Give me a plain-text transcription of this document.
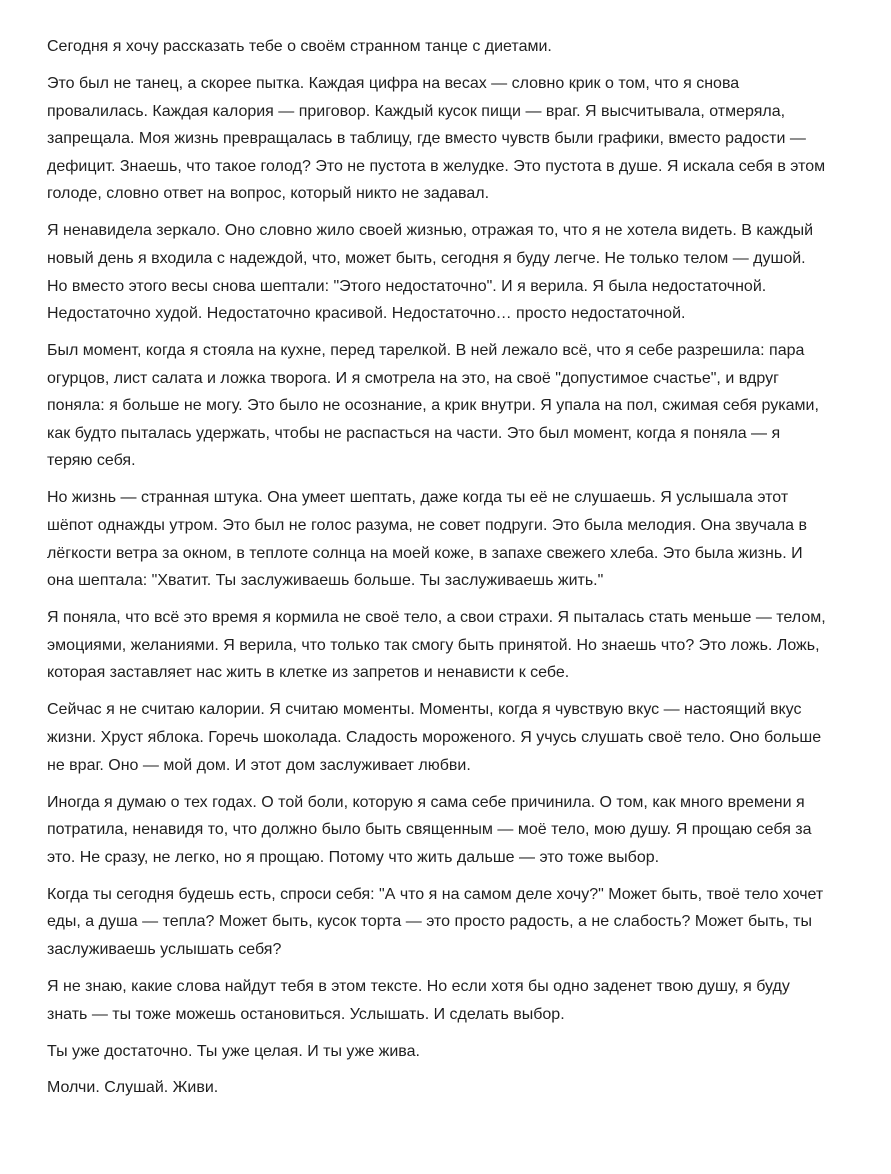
Сегодня я хочу рассказать тебе о своём странном танце с диетами.

Это был не танец, а скорее пытка. Каждая цифра на весах — словно крик о том, что я снова провалилась. Каждая калория — приговор. Каждый кусок пищи — враг. Я высчитывала, отмеряла, запрещала. Моя жизнь превращалась в таблицу, где вместо чувств были графики, вместо радости — дефицит. Знаешь, что такое голод? Это не пустота в желудке. Это пустота в душе. Я искала себя в этом голоде, словно ответ на вопрос, который никто не задавал.

Я ненавидела зеркало. Оно словно жило своей жизнью, отражая то, что я не хотела видеть. В каждый новый день я входила с надеждой, что, может быть, сегодня я буду легче. Не только телом — душой. Но вместо этого весы снова шептали: "Этого недостаточно". И я верила. Я была недостаточной. Недостаточно худой. Недостаточно красивой. Недостаточно… просто недостаточной.

Был момент, когда я стояла на кухне, перед тарелкой. В ней лежало всё, что я себе разрешила: пара огурцов, лист салата и ложка творога. И я смотрела на это, на своё "допустимое счастье", и вдруг поняла: я больше не могу. Это было не осознание, а крик внутри. Я упала на пол, сжимая себя руками, как будто пыталась удержать, чтобы не распасться на части. Это был момент, когда я поняла — я теряю себя.

Но жизнь — странная штука. Она умеет шептать, даже когда ты её не слушаешь. Я услышала этот шёпот однажды утром. Это был не голос разума, не совет подруги. Это была мелодия. Она звучала в лёгкости ветра за окном, в теплоте солнца на моей коже, в запахе свежего хлеба. Это была жизнь. И она шептала: "Хватит. Ты заслуживаешь больше. Ты заслуживаешь жить."

Я поняла, что всё это время я кормила не своё тело, а свои страхи. Я пыталась стать меньше — телом, эмоциями, желаниями. Я верила, что только так смогу быть принятой. Но знаешь что? Это ложь. Ложь, которая заставляет нас жить в клетке из запретов и ненависти к себе.

Сейчас я не считаю калории. Я считаю моменты. Моменты, когда я чувствую вкус — настоящий вкус жизни. Хруст яблока. Горечь шоколада. Сладость мороженого. Я учусь слушать своё тело. Оно больше не враг. Оно — мой дом. И этот дом заслуживает любви.

Иногда я думаю о тех годах. О той боли, которую я сама себе причинила. О том, как много времени я потратила, ненавидя то, что должно было быть священным — моё тело, мою душу. Я прощаю себя за это. Не сразу, не легко, но я прощаю. Потому что жить дальше — это тоже выбор.

Когда ты сегодня будешь есть, спроси себя: "А что я на самом деле хочу?" Может быть, твоё тело хочет еды, а душа — тепла? Может быть, кусок торта — это просто радость, а не слабость? Может быть, ты заслуживаешь услышать себя?

Я не знаю, какие слова найдут тебя в этом тексте. Но если хотя бы одно заденет твою душу, я буду знать — ты тоже можешь остановиться. Услышать. И сделать выбор.

Ты уже достаточно. Ты уже целая. И ты уже жива.

Молчи. Слушай. Живи.
